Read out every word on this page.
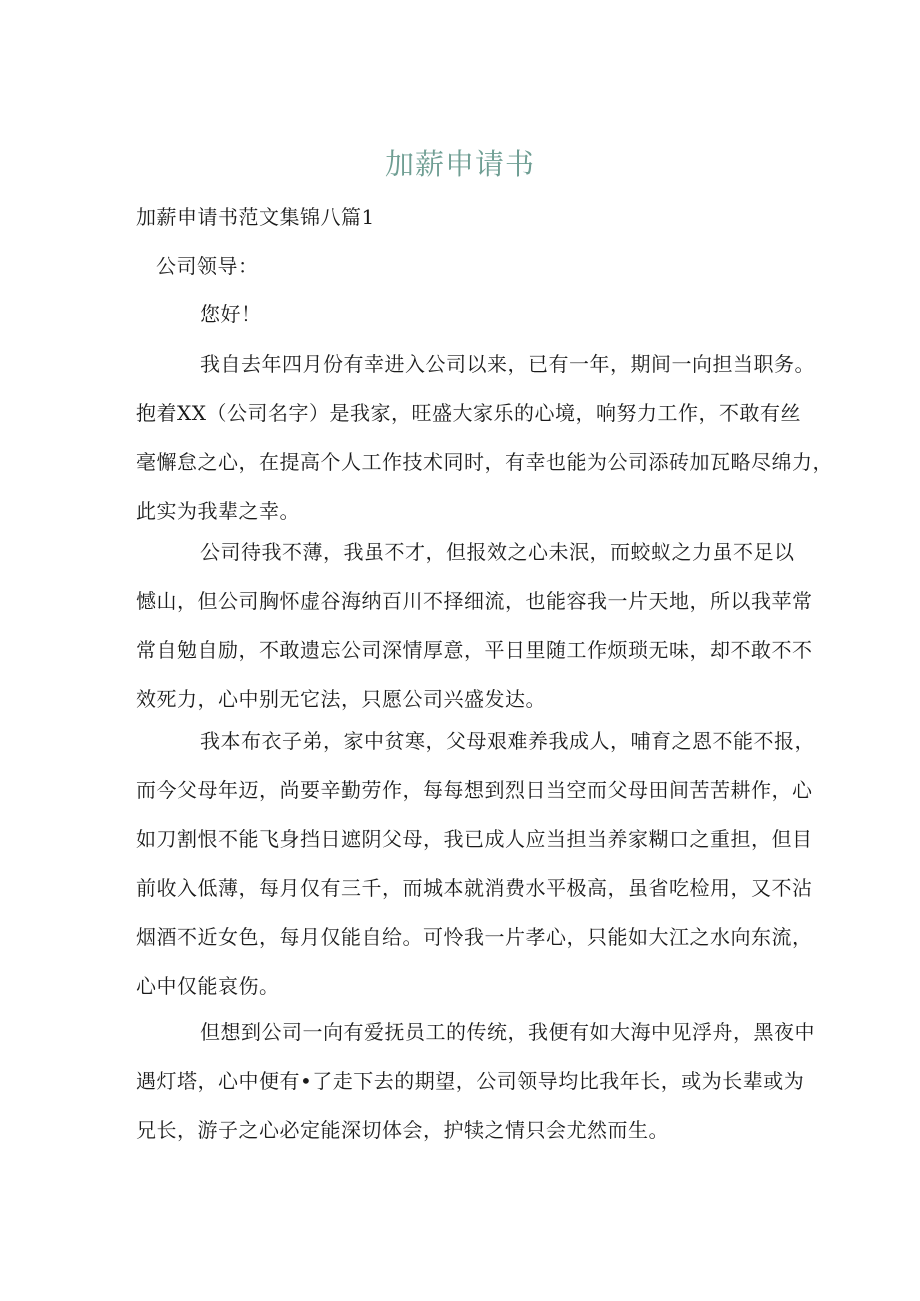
加薪申请书
加薪申请书范文集锦八篇1
公司领导：
您好！
我自去年四月份有幸进入公司以来，已有一年，期间一向担当职务。
抱着XX（公司名字）是我家，旺盛大家乐的心境，响努力工作，不敢有丝
毫懈怠之心，在提高个人工作技术同时，有幸也能为公司添砖加瓦略尽绵力，
此实为我辈之幸。
公司待我不薄，我虽不才，但报效之心未泯，而蛟蚁之力虽不足以
憾山，但公司胸怀虚谷海纳百川不择细流，也能容我一片天地，所以我苹常
常自勉自励，不敢遗忘公司深情厚意，平日里随工作烦琐无味，却不敢不不
效死力，心中别无它法，只愿公司兴盛发达。
我本布衣子弟，家中贫寒，父母艰难养我成人，哺育之恩不能不报，
而今父母年迈，尚要辛勤劳作，每每想到烈日当空而父母田间苦苦耕作，心
如刀割恨不能飞身挡日遮阴父母，我已成人应当担当养家糊口之重担，但目
前收入低薄，每月仅有三千，而城本就消费水平极高，虽省吃检用，又不沾
烟酒不近女色，每月仅能自给。可怜我一片孝心，只能如大江之水向东流，
心中仅能哀伤。
但想到公司一向有爱抚员工的传统，我便有如大海中见浮舟，黑夜中
遇灯塔，心中便有•了走下去的期望，公司领导均比我年长，或为长辈或为
兄长，游子之心必定能深切体会，护犊之情只会尤然而生。
